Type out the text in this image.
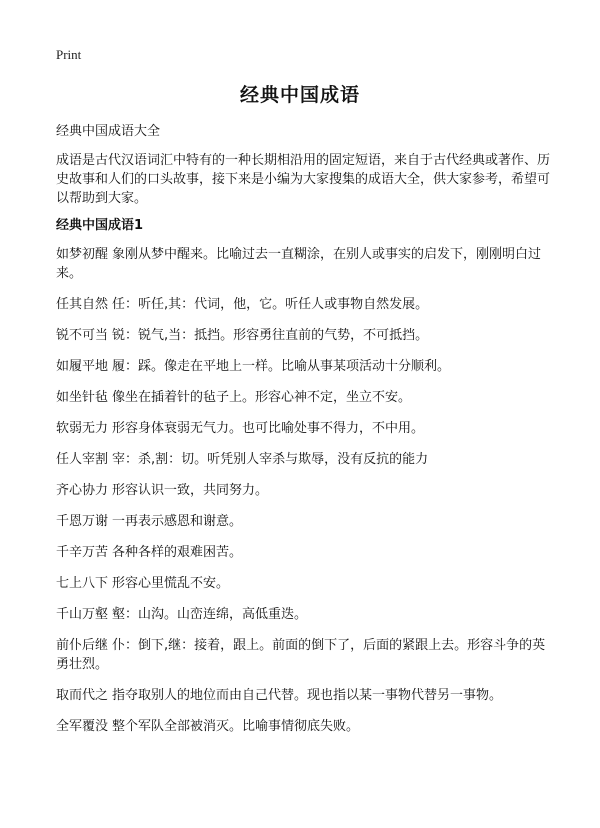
Print
经典中国成语

经典中国成语大全

成语是古代汉语词汇中特有的一种长期相沿用的固定短语，来自于古代经典或著作、历史故事和人们的口头故事，接下来是小编为大家搜集的成语大全，供大家参考，希望可以帮助到大家。

经典中国成语1
如梦初醒 象刚从梦中醒来。比喻过去一直糊涂，在别人或事实的启发下，刚刚明白过来。
任其自然 任：听任,其：代词，他，它。听任人或事物自然发展。
锐不可当 锐：锐气,当：抵挡。形容勇往直前的气势，不可抵挡。
如履平地 履：踩。像走在平地上一样。比喻从事某项活动十分顺利。
如坐针毡 像坐在插着针的毡子上。形容心神不定，坐立不安。
软弱无力 形容身体衰弱无气力。也可比喻处事不得力，不中用。
任人宰割 宰：杀,割：切。听凭别人宰杀与欺辱，没有反抗的能力
齐心协力 形容认识一致，共同努力。
千恩万谢 一再表示感恩和谢意。
千辛万苦 各种各样的艰难困苦。
七上八下 形容心里慌乱不安。
千山万壑 壑：山沟。山峦连绵，高低重迭。
前仆后继 仆：倒下,继：接着，跟上。前面的倒下了，后面的紧跟上去。形容斗争的英勇壮烈。
取而代之 指夺取别人的地位而由自己代替。现也指以某一事物代替另一事物。
全军覆没 整个军队全部被消灭。比喻事情彻底失败。
